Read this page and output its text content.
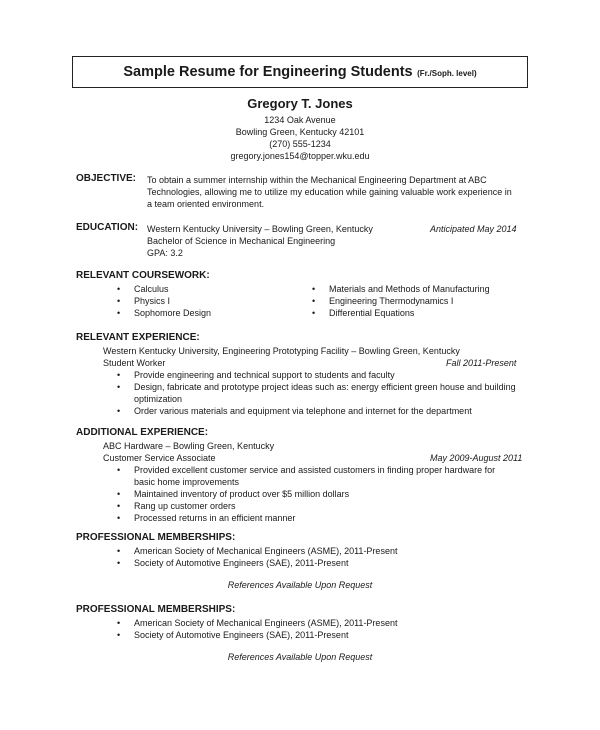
Sample Resume for Engineering Students (Fr./Soph. level)
Gregory T. Jones
1234 Oak Avenue
Bowling Green, Kentucky 42101
(270) 555-1234
gregory.jones154@topper.wku.edu
OBJECTIVE: To obtain a summer internship within the Mechanical Engineering Department at ABC
Technologies, allowing me to utilize my education while gaining valuable work experience in
a team oriented environment.
EDUCATION: Western Kentucky University – Bowling Green, Kentucky	Anticipated May 2014
Bachelor of Science in Mechanical Engineering
GPA: 3.2
RELEVANT COURSEWORK:
• Calculus
• Physics I
• Sophomore Design
• Materials and Methods of Manufacturing
• Engineering Thermodynamics I
• Differential Equations
RELEVANT EXPERIENCE:
Western Kentucky University, Engineering Prototyping Facility – Bowling Green, Kentucky
Student Worker	Fall 2011-Present
• Provide engineering and technical support to students and faculty
• Design, fabricate and prototype project ideas such as: energy efficient green house and building
optimization
• Order various materials and equipment via telephone and internet for the department
ADDITIONAL EXPERIENCE:
ABC Hardware – Bowling Green, Kentucky
Customer Service Associate	May 2009-August 2011
• Provided excellent customer service and assisted customers in finding proper hardware for
basic home improvements
• Maintained inventory of product over $5 million dollars
• Rang up customer orders
• Processed returns in an efficient manner
PROFESSIONAL MEMBERSHIPS:
• American Society of Mechanical Engineers (ASME), 2011-Present
• Society of Automotive Engineers (SAE), 2011-Present
References Available Upon Request
PROFESSIONAL MEMBERSHIPS:
• American Society of Mechanical Engineers (ASME), 2011-Present
• Society of Automotive Engineers (SAE), 2011-Present
References Available Upon Request
